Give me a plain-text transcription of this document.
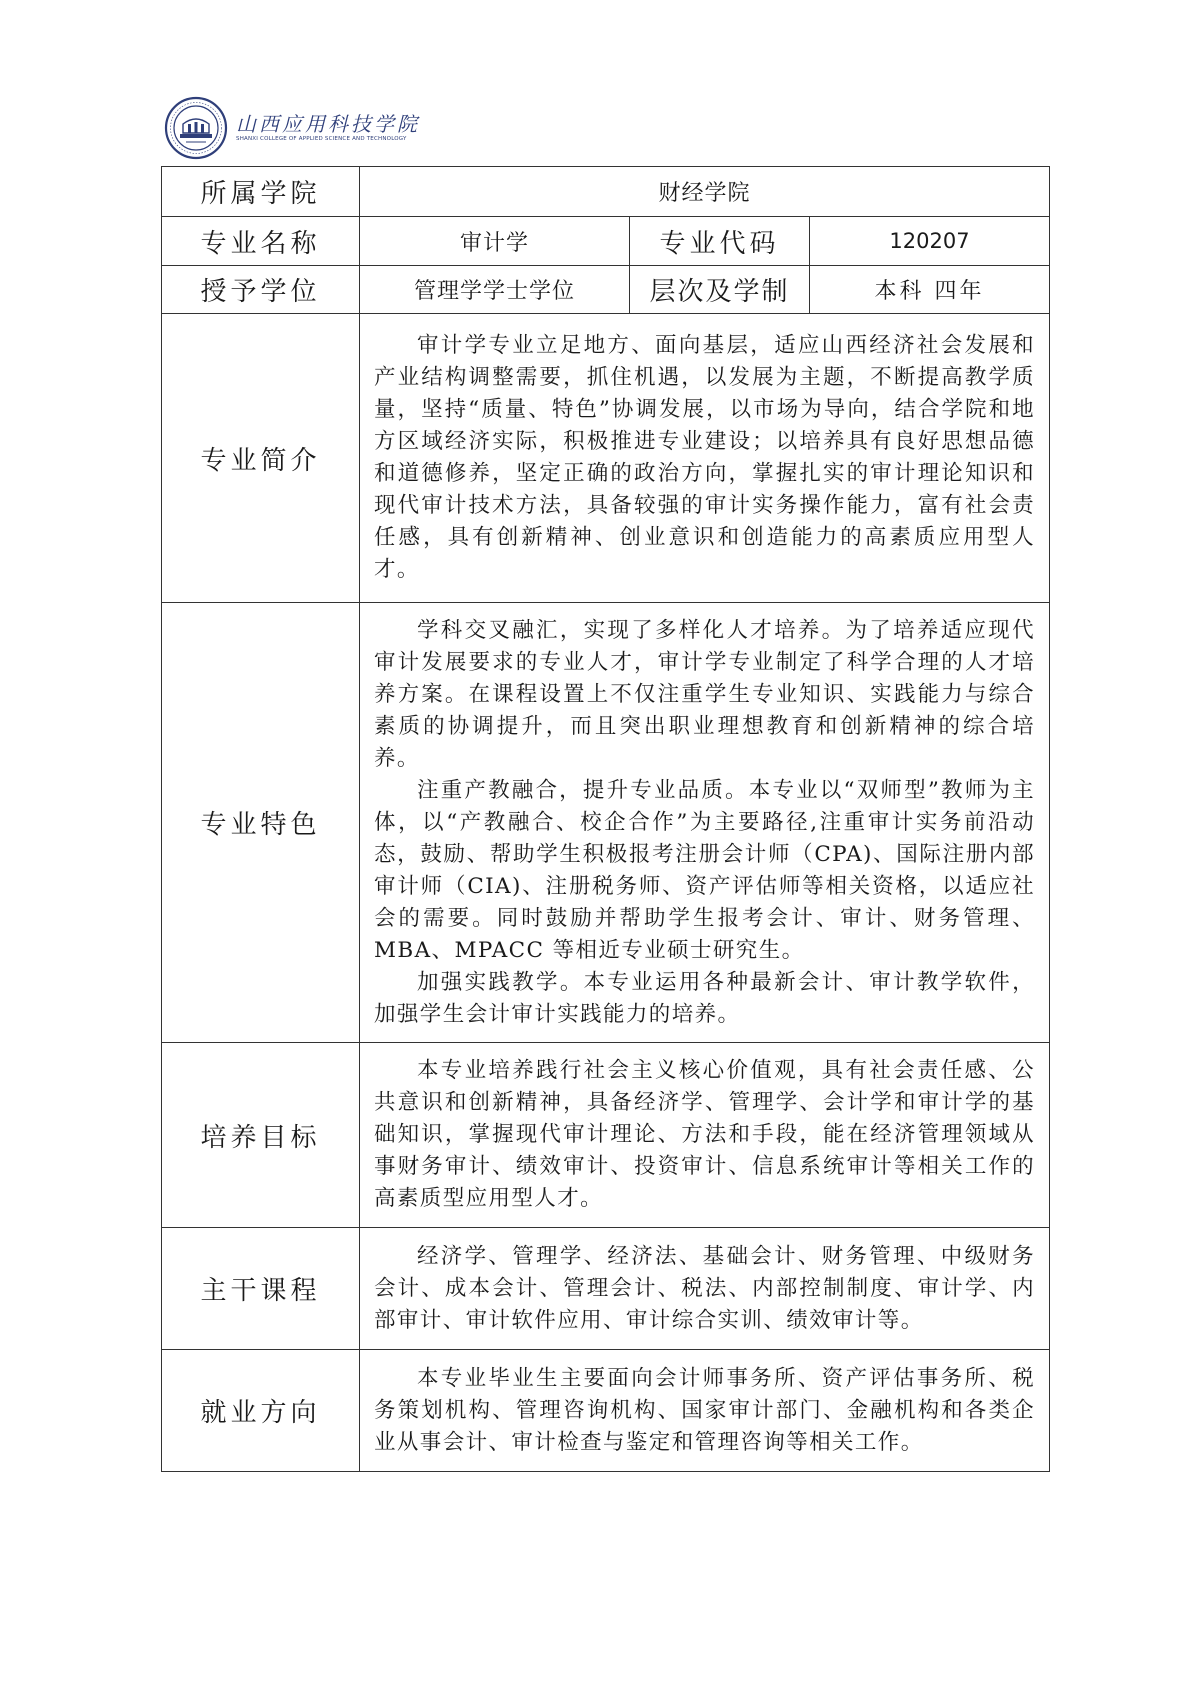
山西应用科技学院
SHANXI COLLEGE OF APPLIED SCIENCE AND TECHNOLOGY
所属学院	财经学院		
专业名称	审计学	专业代码	120207
授予学位	管理学学士学位	层次及学制	本科 四年
专业简介	审计学专业立足地方、面向基层，适应山西经济社会发展和产业结构调整需要，抓住机遇，以发展为主题，不断提高教学质量，坚持“质量、特色”协调发展，以市场为导向，结合学院和地方区域经济实际，积极推进专业建设；以培养具有良好思想品德和道德修养，坚定正确的政治方向，掌握扎实的审计理论知识和现代审计技术方法，具备较强的审计实务操作能力，富有社会责任感，具有创新精神、创业意识和创造能力的高素质应用型人才。		

专业特色	学科交叉融汇，实现了多样化人才培养。为了培养适应现代审计发展要求的专业人才，审计学专业制定了科学合理的人才培养方案。在课程设置上不仅注重学生专业知识、实践能力与综合素质的协调提升，而且突出职业理想教育和创新精神的综合培养。

注重产教融合，提升专业品质。本专业以“双师型”教师为主体，以“产教融合、校企合作”为主要路径,注重审计实务前沿动态，鼓励、帮助学生积极报考注册会计师（CPA)、国际注册内部审计师（CIA)、注册税务师、资产评估师等相关资格，以适应社会的需要。同时鼓励并帮助学生报考会计、审计、财务管理、MBA、MPACC 等相近专业硕士研究生。

加强实践教学。本专业运用各种最新会计、审计教学软件，加强学生会计审计实践能力的培养。		

培养目标	本专业培养践行社会主义核心价值观，具有社会责任感、公共意识和创新精神，具备经济学、管理学、会计学和审计学的基础知识，掌握现代审计理论、方法和手段，能在经济管理领域从事财务审计、绩效审计、投资审计、信息系统审计等相关工作的高素质型应用型人才。		

主干课程	经济学、管理学、经济法、基础会计、财务管理、中级财务会计、成本会计、管理会计、税法、内部控制制度、审计学、内部审计、审计软件应用、审计综合实训、绩效审计等。		

就业方向	本专业毕业生主要面向会计师事务所、资产评估事务所、税务策划机构、管理咨询机构、国家审计部门、金融机构和各类企业从事会计、审计检查与鉴定和管理咨询等相关工作。		
